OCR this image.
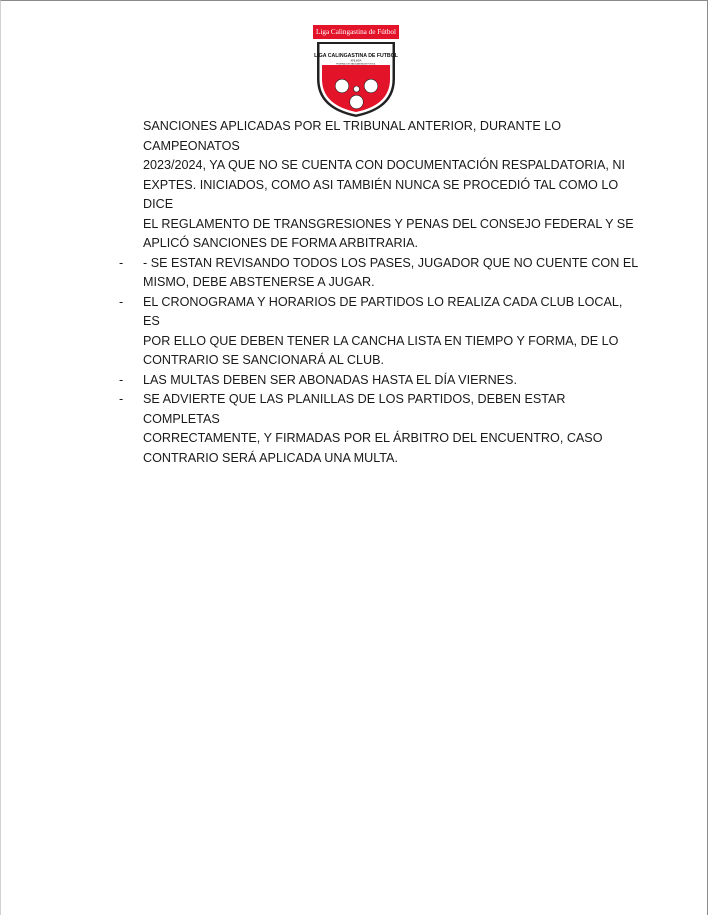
LIGA CALINGASTINA DE FUTBOL
AFILIADA
FEDERACION SANJUANINA DE FUTBOL
L F
C
Liga Calingastina de Fútbol
SANCIONES APLICADAS POR EL TRIBUNAL ANTERIOR, DURANTE LO CAMPEONATOS
2023/2024, YA QUE NO SE CUENTA CON DOCUMENTACIÓN RESPALDATORIA, NI
EXPTES. INICIADOS, COMO ASI TAMBIÉN NUNCA SE PROCEDIÓ TAL COMO LO DICE
EL REGLAMENTO DE TRANSGRESIONES Y PENAS DEL CONSEJO FEDERAL Y SE
APLICÓ SANCIONES DE FORMA ARBITRARIA.
- - SE ESTAN REVISANDO TODOS LOS PASES, JUGADOR QUE NO CUENTE CON EL
MISMO, DEBE ABSTENERSE A JUGAR.
- EL CRONOGRAMA Y HORARIOS DE PARTIDOS LO REALIZA CADA CLUB LOCAL, ES
POR ELLO QUE DEBEN TENER LA CANCHA LISTA EN TIEMPO Y FORMA, DE LO
CONTRARIO SE SANCIONARÁ AL CLUB.
- LAS MULTAS DEBEN SER ABONADAS HASTA EL DÍA VIERNES.
- SE ADVIERTE QUE LAS PLANILLAS DE LOS PARTIDOS, DEBEN ESTAR COMPLETAS
CORRECTAMENTE, Y FIRMADAS POR EL ÁRBITRO DEL ENCUENTRO, CASO
CONTRARIO SERÁ APLICADA UNA MULTA.
